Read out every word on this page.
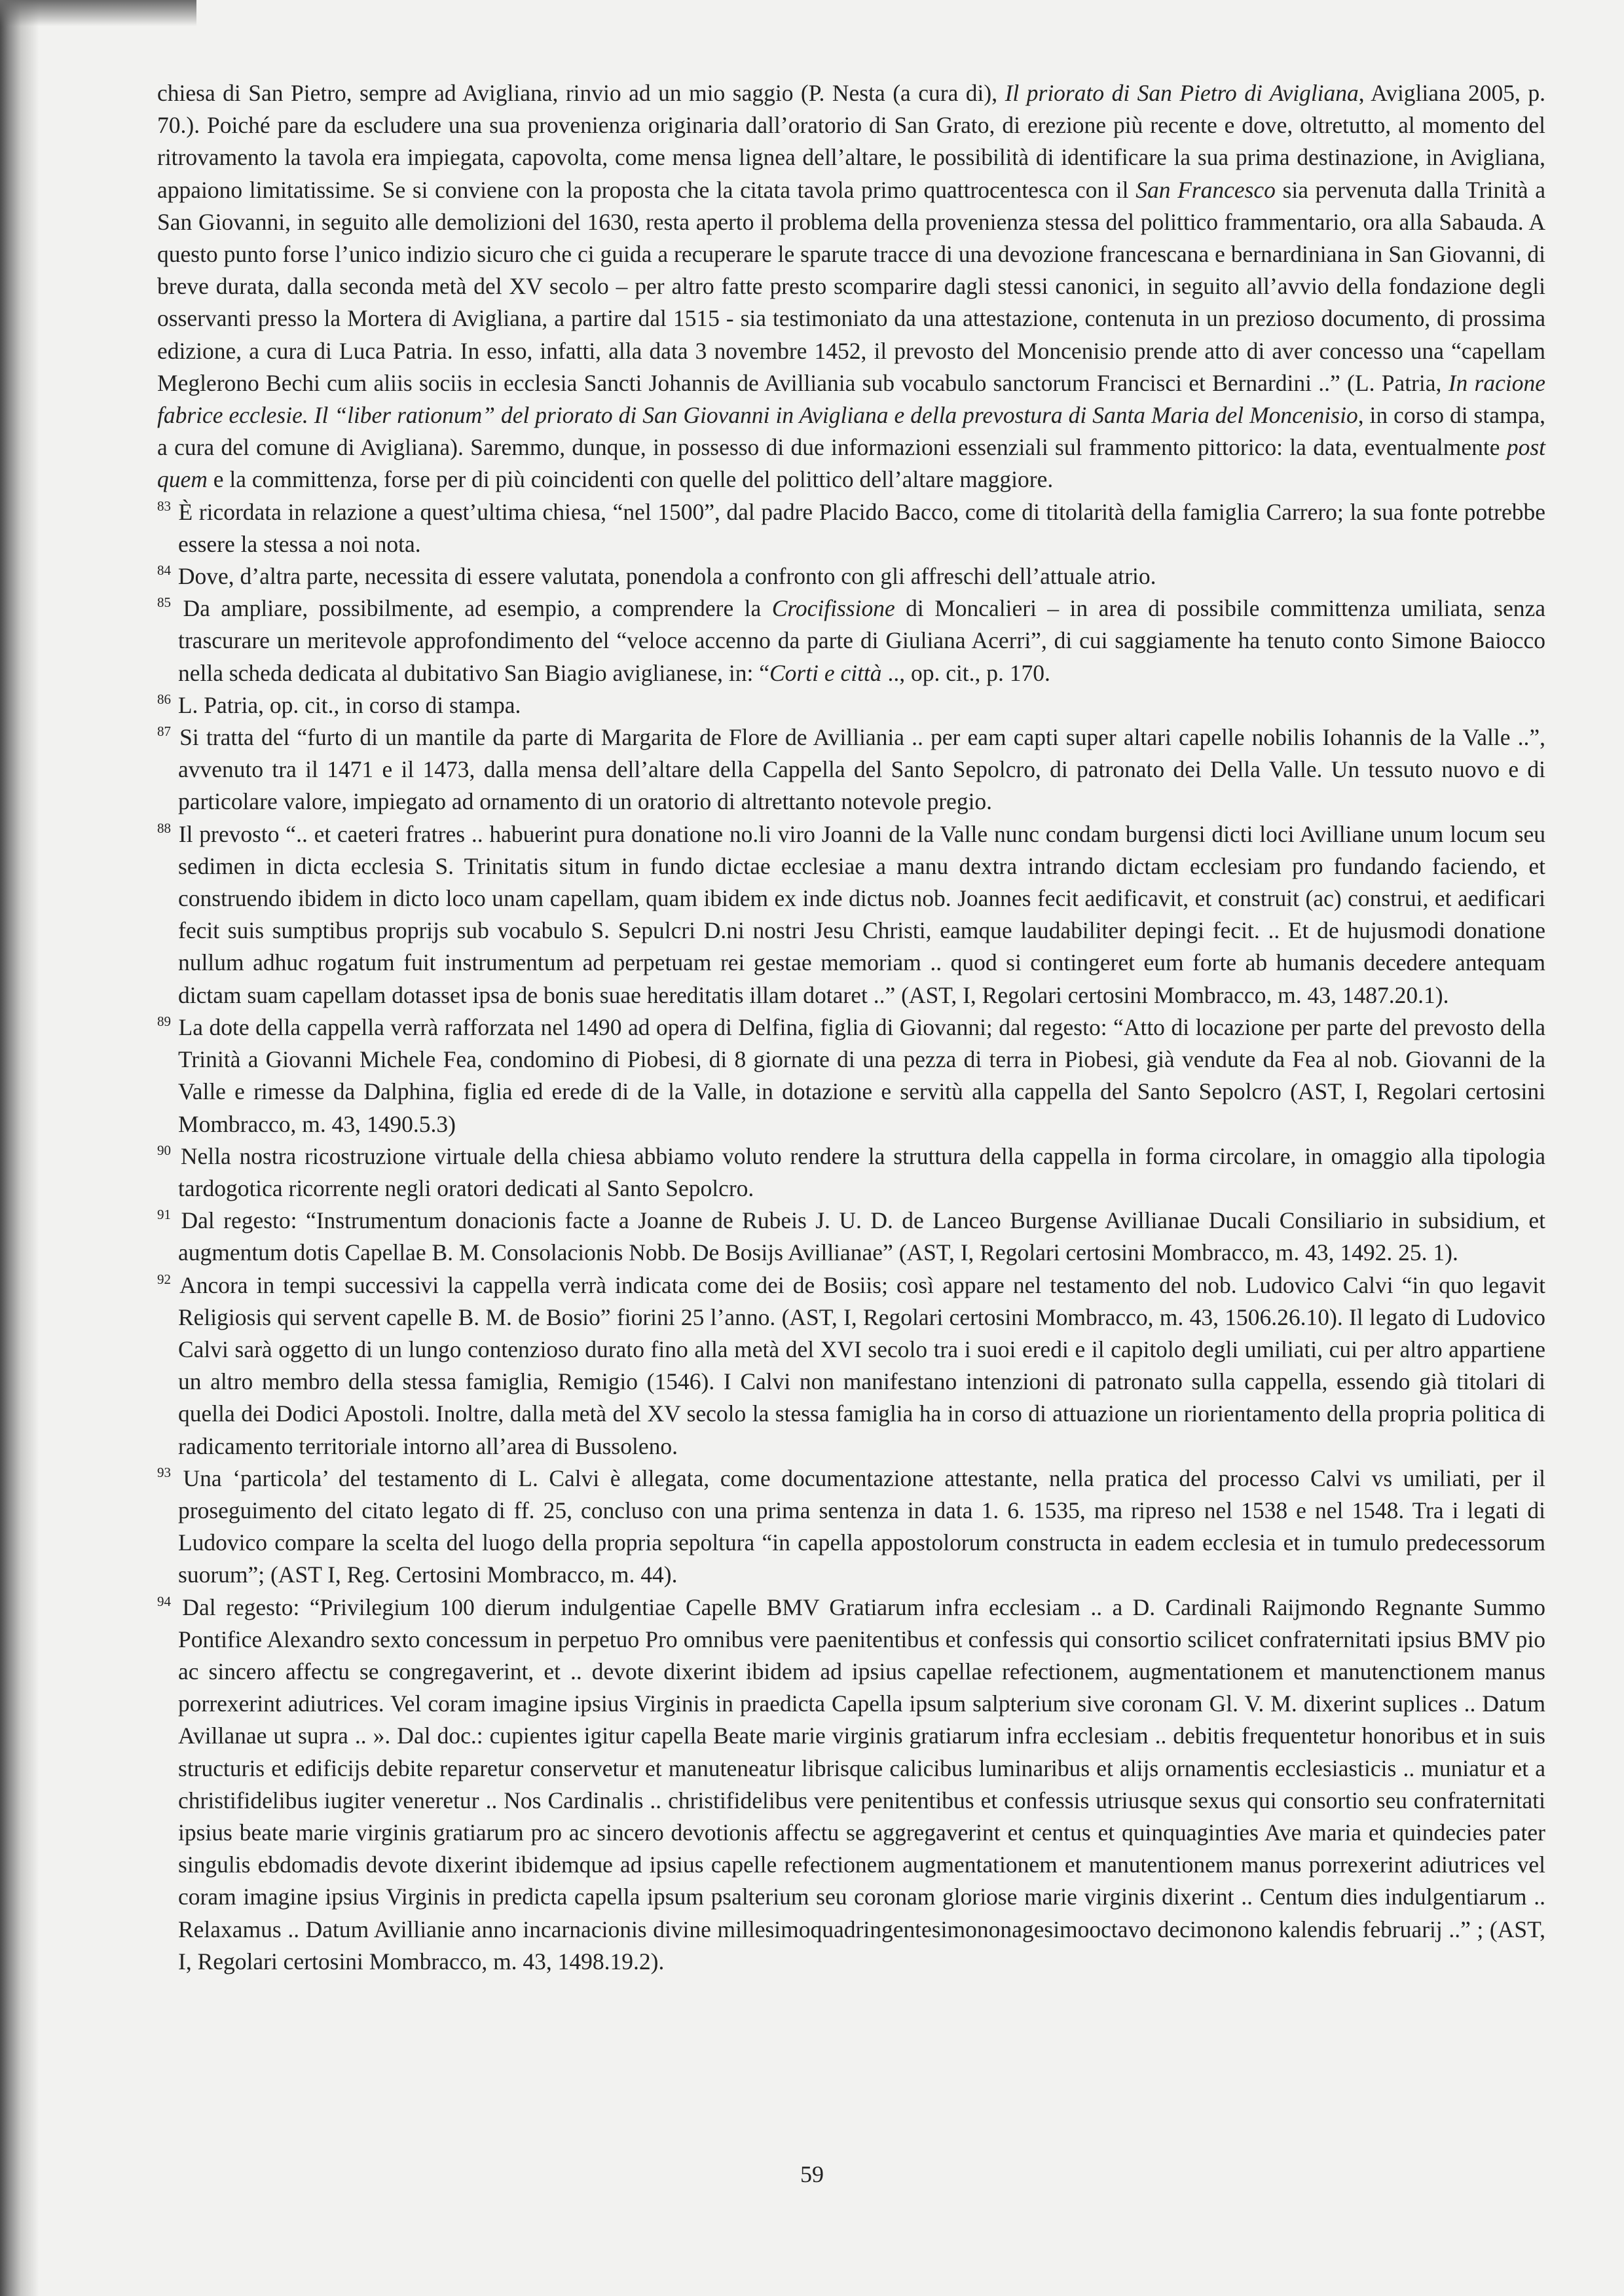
chiesa di San Pietro, sempre ad Avigliana, rinvio ad un mio saggio (P. Nesta (a cura di), Il priorato di San Pietro di Avigliana, Avigliana 2005, p. 70.). Poiché pare da escludere una sua provenienza originaria dall’oratorio di San Grato, di erezione più recente e dove, oltretutto, al momento del ritrovamento la tavola era impiegata, capovolta, come mensa lignea dell’altare, le possibilità di identificare la sua prima destinazione, in Avigliana, appaiono limitatissime. Se si conviene con la proposta che la citata tavola primo quattrocentesca con il San Francesco sia pervenuta dalla Trinità a San Giovanni, in seguito alle demolizioni del 1630, resta aperto il problema della provenienza stessa del polittico frammentario, ora alla Sabauda. A questo punto forse l’unico indizio sicuro che ci guida a recuperare le sparute tracce di una devozione francescana e bernardiniana in San Giovanni, di breve durata, dalla seconda metà del XV secolo – per altro fatte presto scomparire dagli stessi canonici, in seguito all’avvio della fondazione degli osservanti presso la Mortera di Avigliana, a partire dal 1515 - sia testimoniato da una attestazione, contenuta in un prezioso documento, di prossima edizione, a cura di Luca Patria. In esso, infatti, alla data 3 novembre 1452, il prevosto del Moncenisio prende atto di aver concesso una “capellam Meglerono Bechi cum aliis sociis in ecclesia Sancti Johannis de Avilliania sub vocabulo sanctorum Francisci et Bernardini ..” (L. Patria, In racione fabrice ecclesie. Il “liber rationum” del priorato di San Giovanni in Avigliana e della prevostura di Santa Maria del Moncenisio, in corso di stampa, a cura del comune di Avigliana). Saremmo, dunque, in possesso di due informazioni essenziali sul frammento pittorico: la data, eventualmente post quem e la committenza, forse per di più coincidenti con quelle del polittico dell’altare maggiore.

$^{83}$ È ricordata in relazione a quest’ultima chiesa, “nel 1500”, dal padre Placido Bacco, come di titolarità della famiglia Carrero; la sua fonte potrebbe essere la stessa a noi nota.

$^{84}$ Dove, d’altra parte, necessita di essere valutata, ponendola a confronto con gli affreschi dell’attuale atrio.

$^{85}$ Da ampliare, possibilmente, ad esempio, a comprendere la Crocifissione di Moncalieri – in area di possibile committenza umiliata, senza trascurare un meritevole approfondimento del “veloce accenno da parte di Giuliana Acerri”, di cui saggiamente ha tenuto conto Simone Baiocco nella scheda dedicata al dubitativo San Biagio aviglianese, in: “Corti e città .., op. cit., p. 170.

$^{86}$ L. Patria, op. cit., in corso di stampa.

$^{87}$ Si tratta del “furto di un mantile da parte di Margarita de Flore de Avilliania .. per eam capti super altari capelle nobilis Iohannis de la Valle ..”, avvenuto tra il 1471 e il 1473, dalla mensa dell’altare della Cappella del Santo Sepolcro, di patronato dei Della Valle. Un tessuto nuovo e di particolare valore, impiegato ad ornamento di un oratorio di altrettanto notevole pregio.

$^{88}$ Il prevosto “.. et caeteri fratres .. habuerint pura donatione no.li viro Joanni de la Valle nunc condam burgensi dicti loci Avilliane unum locum seu sedimen in dicta ecclesia S. Trinitatis situm in fundo dictae ecclesiae a manu dextra intrando dictam ecclesiam pro fundando faciendo, et construendo ibidem in dicto loco unam capellam, quam ibidem ex inde dictus nob. Joannes fecit aedificavit, et construit (ac) construi, et aedificari fecit suis sumptibus proprijs sub vocabulo S. Sepulcri D.ni nostri Jesu Christi, eamque laudabiliter depingi fecit. .. Et de hujusmodi donatione nullum adhuc rogatum fuit instrumentum ad perpetuam rei gestae memoriam .. quod si contingeret eum forte ab humanis decedere antequam dictam suam capellam dotasset ipsa de bonis suae hereditatis illam dotaret ..” (AST, I, Regolari certosini Mombracco, m. 43, 1487.20.1).

$^{89}$ La dote della cappella verrà rafforzata nel 1490 ad opera di Delfina, figlia di Giovanni; dal regesto: “Atto di locazione per parte del prevosto della Trinità a Giovanni Michele Fea, condomino di Piobesi, di 8 giornate di una pezza di terra in Piobesi, già vendute da Fea al nob. Giovanni de la Valle e rimesse da Dalphina, figlia ed erede di de la Valle, in dotazione e servitù alla cappella del Santo Sepolcro (AST, I, Regolari certosini Mombracco, m. 43, 1490.5.3)

$^{90}$ Nella nostra ricostruzione virtuale della chiesa abbiamo voluto rendere la struttura della cappella in forma circolare, in omaggio alla tipologia tardogotica ricorrente negli oratori dedicati al Santo Sepolcro.

$^{91}$ Dal regesto: “Instrumentum donacionis facte a Joanne de Rubeis J. U. D. de Lanceo Burgense Avillianae Ducali Consiliario in subsidium, et augmentum dotis Capellae B. M. Consolacionis Nobb. De Bosijs Avillianae” (AST, I, Regolari certosini Mombracco, m. 43, 1492. 25. 1).

$^{92}$ Ancora in tempi successivi la cappella verrà indicata come dei de Bosiis; così appare nel testamento del nob. Ludovico Calvi “in quo legavit Religiosis qui servent capelle B. M. de Bosio” fiorini 25 l’anno. (AST, I, Regolari certosini Mombracco, m. 43, 1506.26.10). Il legato di Ludovico Calvi sarà oggetto di un lungo contenzioso durato fino alla metà del XVI secolo tra i suoi eredi e il capitolo degli umiliati, cui per altro appartiene un altro membro della stessa famiglia, Remigio (1546). I Calvi non manifestano intenzioni di patronato sulla cappella, essendo già titolari di quella dei Dodici Apostoli. Inoltre, dalla metà del XV secolo la stessa famiglia ha in corso di attuazione un riorientamento della propria politica di radicamento territoriale intorno all’area di Bussoleno.

$^{93}$ Una ‘particola’ del testamento di L. Calvi è allegata, come documentazione attestante, nella pratica del processo Calvi vs umiliati, per il proseguimento del citato legato di ff. 25, concluso con una prima sentenza in data 1. 6. 1535, ma ripreso nel 1538 e nel 1548. Tra i legati di Ludovico compare la scelta del luogo della propria sepoltura “in capella appostolorum constructa in eadem ecclesia et in tumulo predecessorum suorum”; (AST I, Reg. Certosini Mombracco, m. 44).

$^{94}$ Dal regesto: “Privilegium 100 dierum indulgentiae Capelle BMV Gratiarum infra ecclesiam .. a D. Cardinali Raijmondo Regnante Summo Pontifice Alexandro sexto concessum in perpetuo Pro omnibus vere paenitentibus et confessis qui consortio scilicet confraternitati ipsius BMV pio ac sincero affectu se congregaverint, et .. devote dixerint ibidem ad ipsius capellae refectionem, augmentationem et manutenctionem manus porrexerint adiutrices. Vel coram imagine ipsius Virginis in praedicta Capella ipsum salpterium sive coronam Gl. V. M. dixerint suplices .. Datum Avillanae ut supra .. ». Dal doc.: cupientes igitur capella Beate marie virginis gratiarum infra ecclesiam .. debitis frequentetur honoribus et in suis structuris et edificijs debite reparetur conservetur et manuteneatur librisque calicibus luminaribus et alijs ornamentis ecclesiasticis .. muniatur et a christifidelibus iugiter veneretur .. Nos Cardinalis .. christifidelibus vere penitentibus et confessis utriusque sexus qui consortio seu confraternitati ipsius beate marie virginis gratiarum pro ac sincero devotionis affectu se aggregaverint et centus et quinquaginties Ave maria et quindecies pater singulis ebdomadis devote dixerint ibidemque ad ipsius capelle refectionem augmentationem et manutentionem manus porrexerint adiutrices vel coram imagine ipsius Virginis in predicta capella ipsum psalterium seu coronam gloriose marie virginis dixerint .. Centum dies indulgentiarum .. Relaxamus .. Datum Avillianie anno incarnacionis divine millesimoquadringentesimononagesimooctavo decimonono kalendis februarij ..” ; (AST, I, Regolari certosini Mombracco, m. 43, 1498.19.2).

59
